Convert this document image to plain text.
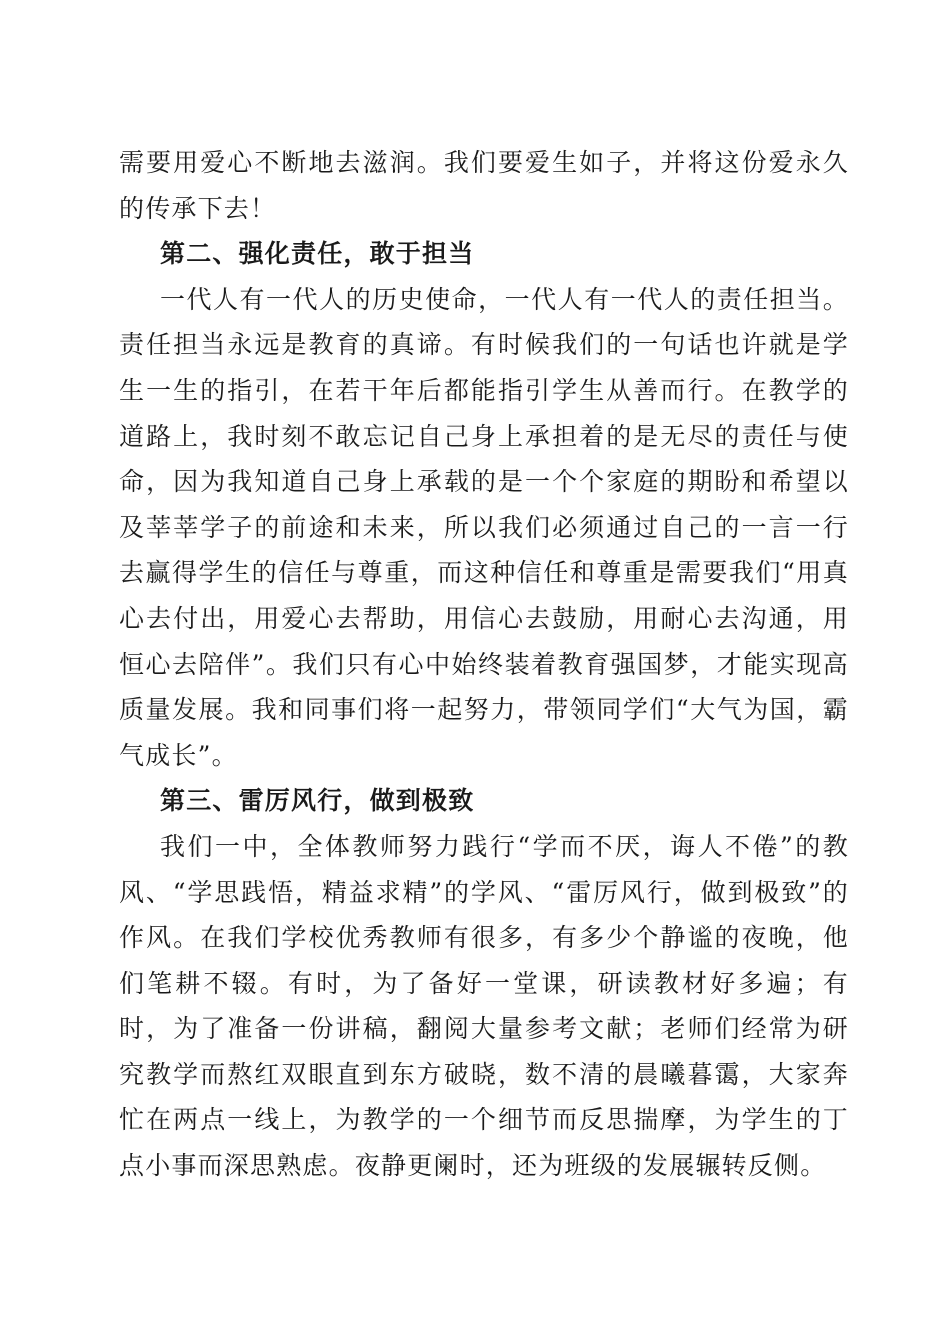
需要用爱心不断地去滋润。我们要爱生如子，并将这份爱永久的传承下去！

第二、强化责任，敢于担当

一代人有一代人的历史使命，一代人有一代人的责任担当。责任担当永远是教育的真谛。有时候我们的一句话也许就是学生一生的指引，在若干年后都能指引学生从善而行。在教学的道路上，我时刻不敢忘记自己身上承担着的是无尽的责任与使命，因为我知道自己身上承载的是一个个家庭的期盼和希望以及莘莘学子的前途和未来，所以我们必须通过自己的一言一行去赢得学生的信任与尊重，而这种信任和尊重是需要我们“用真心去付出，用爱心去帮助，用信心去鼓励，用耐心去沟通，用恒心去陪伴”。我们只有心中始终装着教育强国梦，才能实现高质量发展。我和同事们将一起努力，带领同学们“大气为国，霸气成长”。

第三、雷厉风行，做到极致

我们一中，全体教师努力践行“学而不厌，诲人不倦”的教风、“学思践悟，精益求精”的学风、“雷厉风行，做到极致”的作风。在我们学校优秀教师有很多，有多少个静谧的夜晚，他们笔耕不辍。有时，为了备好一堂课，研读教材好多遍；有时，为了准备一份讲稿，翻阅大量参考文献；老师们经常为研究教学而熬红双眼直到东方破晓，数不清的晨曦暮霭，大家奔忙在两点一线上，为教学的一个细节而反思揣摩，为学生的丁点小事而深思熟虑。夜静更阑时，还为班级的发展辗转反侧。
